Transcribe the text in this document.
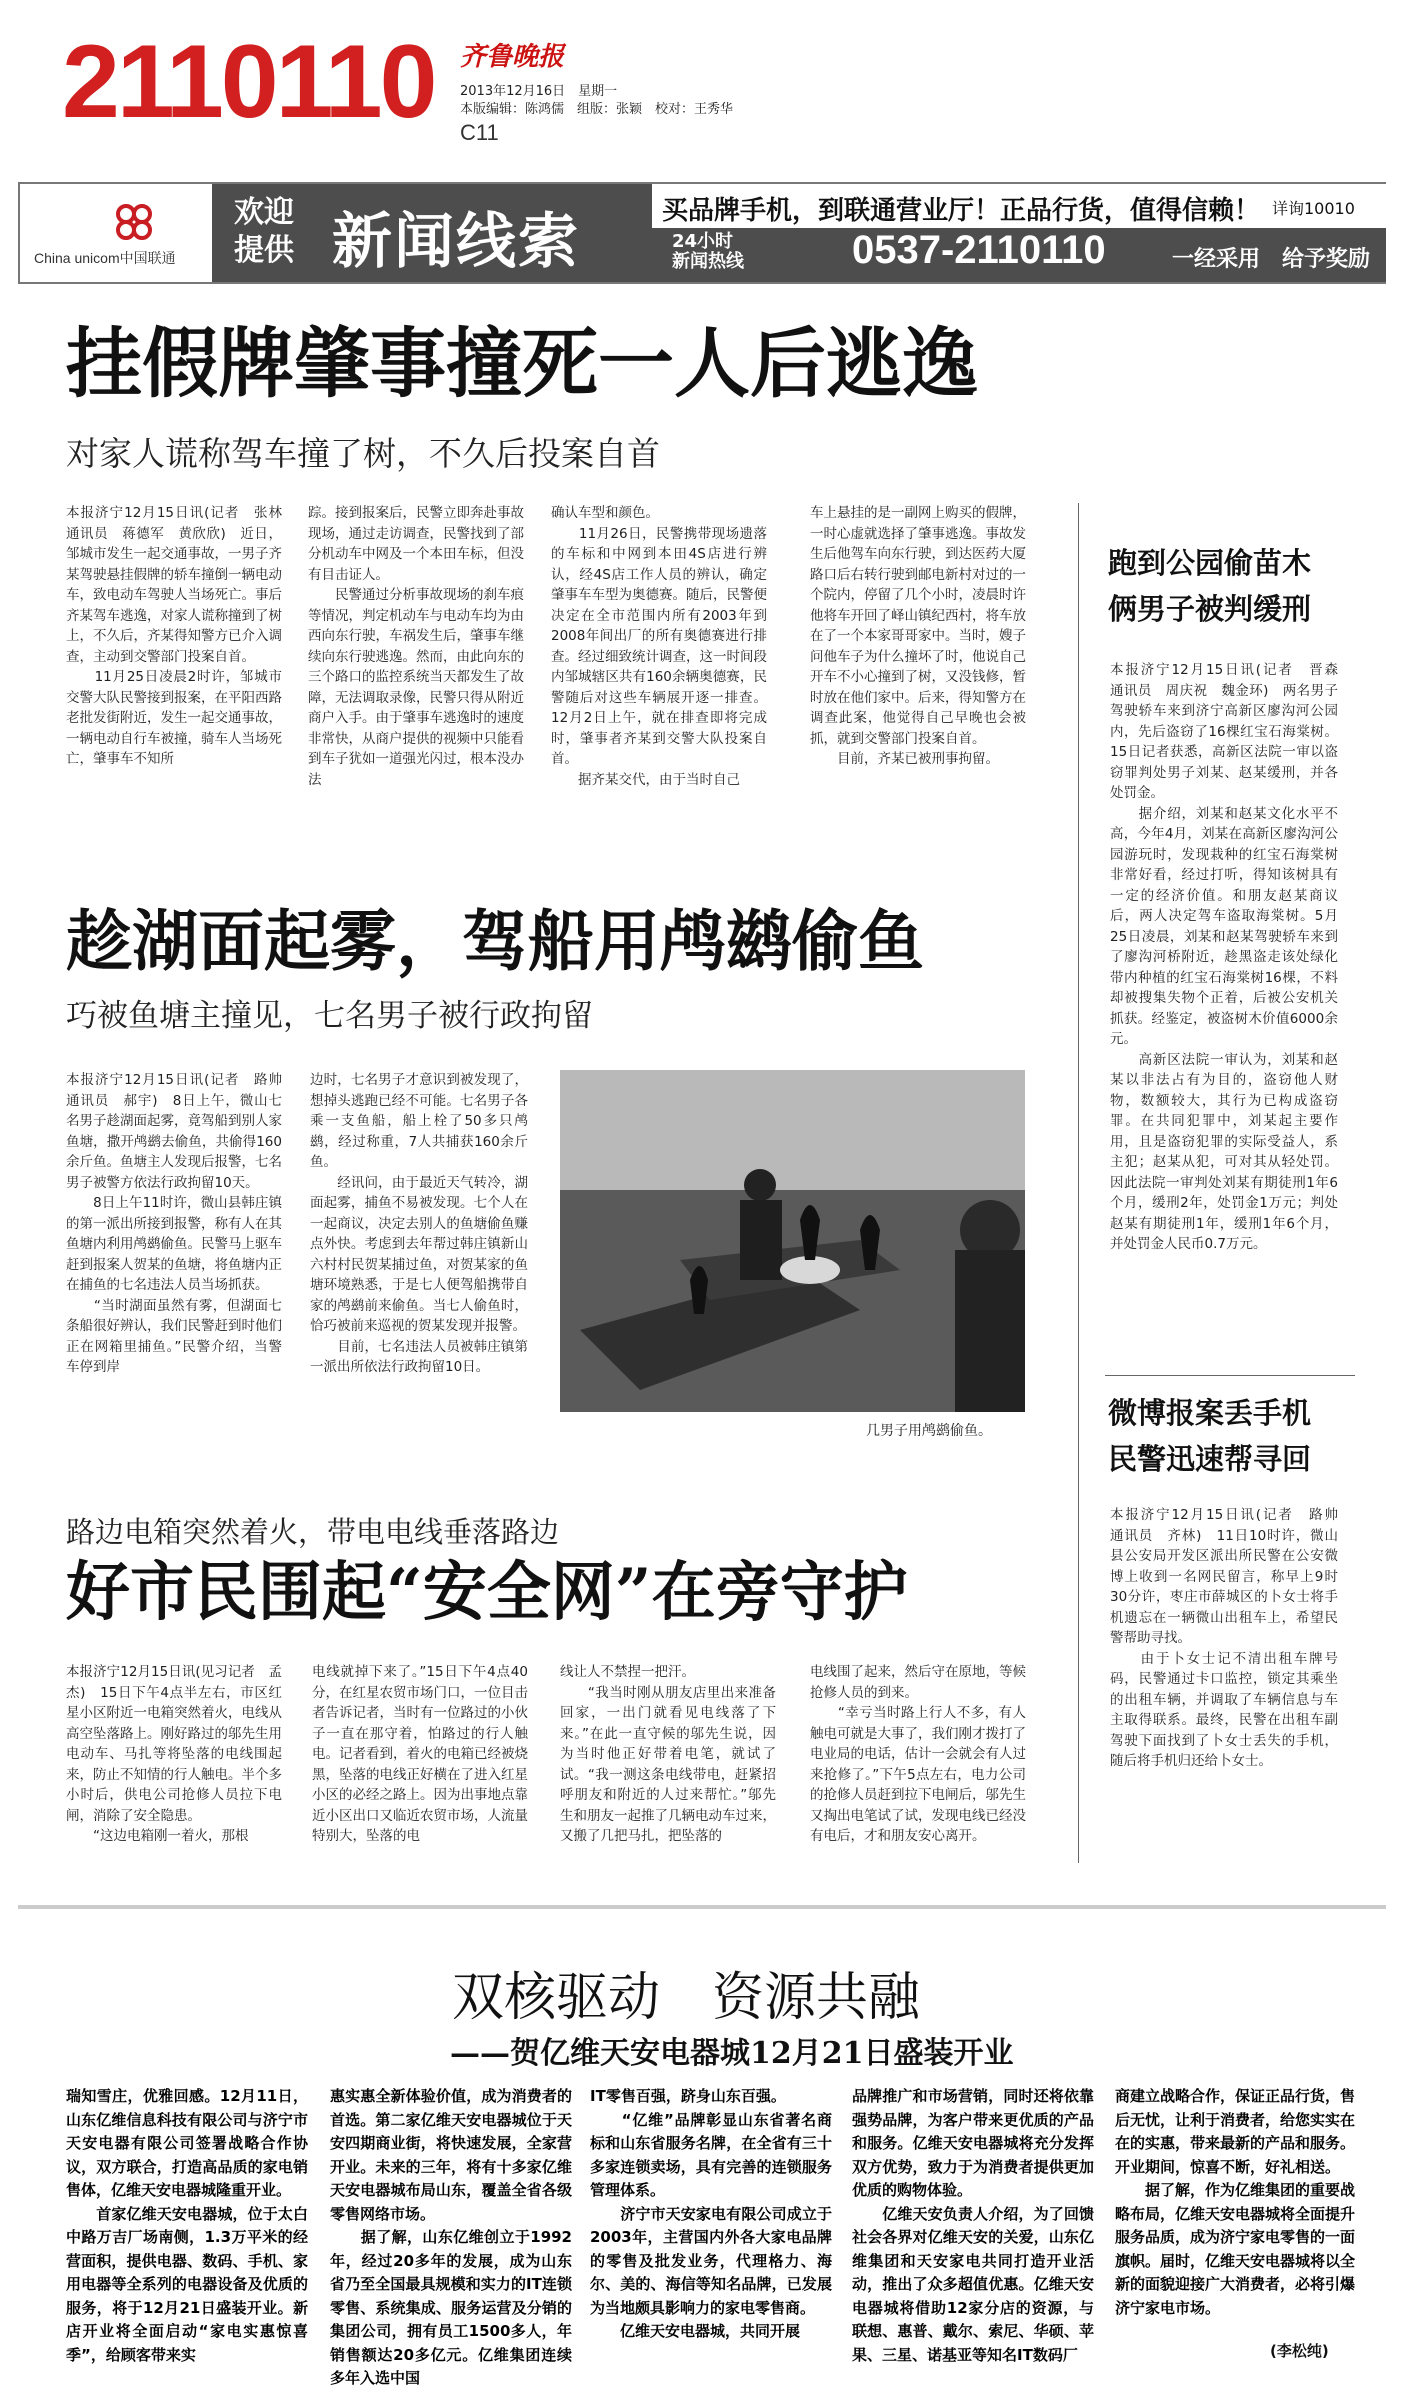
2110110 齐鲁晚报
2013年12月16日　星期一
本版编辑：陈鸿儒　组版：张颖　校对：王秀华
C11
China unicom中国联通
欢迎
提供 新闻线索	买品牌手机，到联通营业厅！正品行货，值得信赖！ 详询10010
24小时
新闻热线	0537-2110110	一经采用　给予奖励
挂假牌肇事撞死一人后逃逸
对家人谎称驾车撞了树，不久后投案自首
本报济宁12月15日讯(记者　张林　通讯员　蒋德军　黄欣欣)　近日，邹城市发生一起交通事故，一男子齐某驾驶悬挂假牌的轿车撞倒一辆电动车，致电动车驾驶人当场死亡。事后齐某驾车逃逸，对家人谎称撞到了树上，不久后，齐某得知警方已介入调查，主动到交警部门投案自首。
　　11月25日凌晨2时许，邹城市交警大队民警接到报案，在平阳西路老批发街附近，发生一起交通事故，一辆电动自行车被撞，骑车人当场死亡，肇事车不知所
踪。接到报案后，民警立即奔赴事故现场，通过走访调查，民警找到了部分机动车中网及一个本田车标，但没有目击证人。
　　民警通过分析事故现场的刹车痕等情况，判定机动车与电动车均为由西向东行驶，车祸发生后，肇事车继续向东行驶逃逸。然而，由此向东的三个路口的监控系统当天都发生了故障，无法调取录像，民警只得从附近商户入手。由于肇事车逃逸时的速度非常快，从商户提供的视频中只能看到车子犹如一道强光闪过，根本没办法
确认车型和颜色。
　　11月26日，民警携带现场遗落的车标和中网到本田4S店进行辨认，经4S店工作人员的辨认，确定肇事车车型为奥德赛。随后，民警便决定在全市范围内所有2003年到2008年间出厂的所有奥德赛进行排查。经过细致统计调查，这一时间段内邹城辖区共有160余辆奥德赛，民警随后对这些车辆展开逐一排查。12月2日上午，就在排查即将完成时，肇事者齐某到交警大队投案自首。
　　据齐某交代，由于当时自己
车上悬挂的是一副网上购买的假牌，一时心虚就选择了肇事逃逸。事故发生后他驾车向东行驶，到达医药大厦路口后右转行驶到邮电新村对过的一个院内，停留了几个小时，凌晨时许他将车开回了峄山镇纪西村，将车放在了一个本家哥哥家中。当时，嫂子问他车子为什么撞坏了时，他说自己开车不小心撞到了树，又没钱修，暂时放在他们家中。后来，得知警方在调查此案，他觉得自己早晚也会被抓，就到交警部门投案自首。
　　目前，齐某已被刑事拘留。
跑到公园偷苗木
俩男子被判缓刑
本报济宁12月15日讯(记者　晋森　通讯员　周庆祝　魏金环)　两名男子驾驶轿车来到济宁高新区廖沟河公园内，先后盗窃了16棵红宝石海棠树。15日记者获悉，高新区法院一审以盗窃罪判处男子刘某、赵某缓刑，并各处罚金。
　　据介绍，刘某和赵某文化水平不高，今年4月，刘某在高新区廖沟河公园游玩时，发现栽种的红宝石海棠树非常好看，经过打听，得知该树具有一定的经济价值。和朋友赵某商议后，两人决定驾车盗取海棠树。5月25日凌晨，刘某和赵某驾驶轿车来到了廖沟河桥附近，趁黑盗走该处绿化带内种植的红宝石海棠树16棵，不料却被搜集失物个正着，后被公安机关抓获。经鉴定，被盗树木价值6000余元。
　　高新区法院一审认为，刘某和赵某以非法占有为目的，盗窃他人财物，数额较大，其行为已构成盗窃罪。在共同犯罪中，刘某起主要作用，且是盗窃犯罪的实际受益人，系主犯；赵某从犯，可对其从轻处罚。因此法院一审判处刘某有期徒刑1年6个月，缓刑2年，处罚金1万元；判处赵某有期徒刑1年，缓刑1年6个月，并处罚金人民币0.7万元。
微博报案丢手机
民警迅速帮寻回
本报济宁12月15日讯(记者　路帅　通讯员　齐林)　11日10时许，微山县公安局开发区派出所民警在公安微博上收到一名网民留言，称早上9时30分许，枣庄市薛城区的卜女士将手机遗忘在一辆微山出租车上，希望民警帮助寻找。
　　由于卜女士记不清出租车牌号码，民警通过卡口监控，锁定其乘坐的出租车辆，并调取了车辆信息与车主取得联系。最终，民警在出租车副驾驶下面找到了卜女士丢失的手机，随后将手机归还给卜女士。
趁湖面起雾，驾船用鸬鹚偷鱼
巧被鱼塘主撞见，七名男子被行政拘留
本报济宁12月15日讯(记者　路帅　通讯员　郝宇)　8日上午，微山七名男子趁湖面起雾，竟驾船到别人家鱼塘，撒开鸬鹚去偷鱼，共偷得160余斤鱼。鱼塘主人发现后报警，七名男子被警方依法行政拘留10天。
　　8日上午11时许，微山县韩庄镇的第一派出所接到报警，称有人在其鱼塘内利用鸬鹚偷鱼。民警马上驱车赶到报案人贺某的鱼塘，将鱼塘内正在捕鱼的七名违法人员当场抓获。
　　“当时湖面虽然有雾，但湖面七条船很好辨认，我们民警赶到时他们正在网箱里捕鱼。”民警介绍，当警车停到岸
边时，七名男子才意识到被发现了，想掉头逃跑已经不可能。七名男子各乘一支鱼船，船上栓了50多只鸬鹚，经过称重，7人共捕获160余斤鱼。
　　经讯问，由于最近天气转冷，湖面起雾，捕鱼不易被发现。七个人在一起商议，决定去别人的鱼塘偷鱼赚点外快。考虑到去年帮过韩庄镇新山六村村民贺某捕过鱼，对贺某家的鱼塘环境熟悉，于是七人便驾船携带自家的鸬鹚前来偷鱼。当七人偷鱼时，恰巧被前来巡视的贺某发现并报警。
　　目前，七名违法人员被韩庄镇第一派出所依法行政拘留10日。
几男子用鸬鹚偷鱼。
路边电箱突然着火，带电电线垂落路边
好市民围起“安全网”在旁守护
本报济宁12月15日讯(见习记者　孟杰)　15日下午4点半左右，市区红星小区附近一电箱突然着火，电线从高空坠落路上。刚好路过的邬先生用电动车、马扎等将坠落的电线围起来，防止不知情的行人触电。半个多小时后，供电公司抢修人员拉下电闸，消除了安全隐患。
　　“这边电箱刚一着火，那根
电线就掉下来了。”15日下午4点40分，在红星农贸市场门口，一位目击者告诉记者，当时有一位路过的小伙子一直在那守着，怕路过的行人触电。记者看到，着火的电箱已经被烧黑，坠落的电线正好横在了进入红星小区的必经之路上。因为出事地点靠近小区出口又临近农贸市场，人流量特别大，坠落的电
线让人不禁捏一把汗。
　　“我当时刚从朋友店里出来准备回家，一出门就看见电线落了下来。”在此一直守候的邬先生说，因为当时他正好带着电笔，就试了试。“我一测这条电线带电，赶紧招呼朋友和附近的人过来帮忙。”邬先生和朋友一起推了几辆电动车过来，又搬了几把马扎，把坠落的
电线围了起来，然后守在原地，等候抢修人员的到来。
　　“幸亏当时路上行人不多，有人触电可就是大事了，我们刚才拨打了电业局的电话，估计一会就会有人过来抢修了。”下午5点左右，电力公司的抢修人员赶到拉下电闸后，邬先生又掏出电笔试了试，发现电线已经没有电后，才和朋友安心离开。
双核驱动　资源共融
——贺亿维天安电器城12月21日盛装开业
瑞知雪庄，优雅回感。12月11日，山东亿维信息科技有限公司与济宁市天安电器有限公司签署战略合作协议，双方联合，打造高品质的家电销售体，亿维天安电器城隆重开业。
　　首家亿维天安电器城，位于太白中路万吉厂场南侧，1.3万平米的经营面积，提供电器、数码、手机、家用电器等全系列的电器设备及优质的服务，将于12月21日盛装开业。新店开业将全面启动“家电实惠惊喜季”，给顾客带来实
惠实惠全新体验价值，成为消费者的首选。第二家亿维天安电器城位于天安四期商业街，将快速发展，全家营开业。未来的三年，将有十多家亿维天安电器城布局山东，覆盖全省各级零售网络市场。
　　据了解，山东亿维创立于1992年，经过20多年的发展，成为山东省乃至全国最具规模和实力的IT连锁零售、系统集成、服务运营及分销的集团公司，拥有员工1500多人，年销售额达20多亿元。亿维集团连续多年入选中国
IT零售百强，跻身山东百强。
　　“亿维”品牌彰显山东省著名商标和山东省服务名牌，在全省有三十多家连锁卖场，具有完善的连锁服务管理体系。
　　济宁市天安家电有限公司成立于2003年，主营国内外各大家电品牌的零售及批发业务，代理格力、海尔、美的、海信等知名品牌，已发展为当地颇具影响力的家电零售商。
　　亿维天安电器城，共同开展
品牌推广和市场营销，同时还将依靠强势品牌，为客户带来更优质的产品和服务。亿维天安电器城将充分发挥双方优势，致力于为消费者提供更加优质的购物体验。
　　亿维天安负责人介绍，为了回馈社会各界对亿维天安的关爱，山东亿维集团和天安家电共同打造开业活动，推出了众多超值优惠。亿维天安电器城将借助12家分店的资源，与联想、惠普、戴尔、索尼、华硕、苹果、三星、诺基亚等知名IT数码厂
商建立战略合作，保证正品行货，售后无忧，让利于消费者，给您实实在在的实惠，带来最新的产品和服务。开业期间，惊喜不断，好礼相送。
　　据了解，作为亿维集团的重要战略布局，亿维天安电器城将全面提升服务品质，成为济宁家电零售的一面旗帜。届时，亿维天安电器城将以全新的面貌迎接广大消费者，必将引爆济宁家电市场。
(李松纯)
